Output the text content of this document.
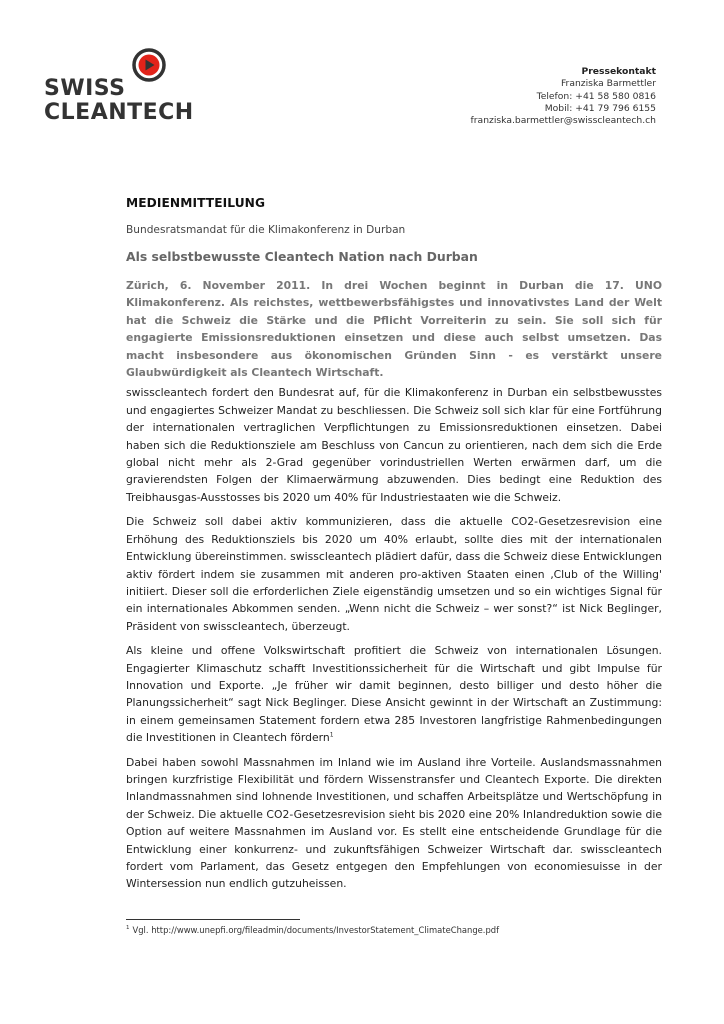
SWISS
CLEANTECH
Pressekontakt
Franziska Barmettler
Telefon: +41 58 580 0816
Mobil: +41 79 796 6155
franziska.barmettler@swisscleantech.ch
MEDIENMITTEILUNG
Bundesratsmandat für die Klimakonferenz in Durban
Als selbstbewusste Cleantech Nation nach Durban

Zürich, 6. November 2011. In drei Wochen beginnt in Durban die 17. UNO Klimakonferenz. Als reichstes, wettbewerbsfähigstes und innovativstes Land der Welt hat die Schweiz die Stärke und die Pflicht Vorreiterin zu sein. Sie soll sich für engagierte Emissionsreduktionen einsetzen und diese auch selbst umsetzen. Das macht insbesondere aus ökonomischen Gründen Sinn - es verstärkt unsere Glaubwürdigkeit als Cleantech Wirtschaft.

swisscleantech fordert den Bundesrat auf, für die Klimakonferenz in Durban ein selbstbewusstes und engagiertes Schweizer Mandat zu beschliessen. Die Schweiz soll sich klar für eine Fortführung der internationalen vertraglichen Verpflichtungen zu Emissionsreduktionen einsetzen. Dabei haben sich die Reduktionsziele am Beschluss von Cancun zu orientieren, nach dem sich die Erde global nicht mehr als 2-Grad gegenüber vorindustriellen Werten erwärmen darf, um die gravierendsten Folgen der Klimaerwärmung abzuwenden. Dies bedingt eine Reduktion des Treibhausgas-Ausstosses bis 2020 um 40% für Industriestaaten wie die Schweiz.

Die Schweiz soll dabei aktiv kommunizieren, dass die aktuelle CO2-Gesetzesrevision eine Erhöhung des Reduktionsziels bis 2020 um 40% erlaubt, sollte dies mit der internationalen Entwicklung übereinstimmen. swisscleantech plädiert dafür, dass die Schweiz diese Entwicklungen aktiv fördert indem sie zusammen mit anderen pro-aktiven Staaten einen ‚Club of the Willing' initiiert. Dieser soll die erforderlichen Ziele eigenständig umsetzen und so ein wichtiges Signal für ein internationales Abkommen senden. „Wenn nicht die Schweiz – wer sonst?“ ist Nick Beglinger, Präsident von swisscleantech, überzeugt.

Als kleine und offene Volkswirtschaft profitiert die Schweiz von internationalen Lösungen. Engagierter Klimaschutz schafft Investitionssicherheit für die Wirtschaft und gibt Impulse für Innovation und Exporte. „Je früher wir damit beginnen, desto billiger und desto höher die Planungssicherheit“ sagt Nick Beglinger. Diese Ansicht gewinnt in der Wirtschaft an Zustimmung: in einem gemeinsamen Statement fordern etwa 285 Investoren langfristige Rahmenbedingungen die Investitionen in Cleantech fördern$^1$

Dabei haben sowohl Massnahmen im Inland wie im Ausland ihre Vorteile. Auslandsmassnahmen bringen kurzfristige Flexibilität und fördern Wissenstransfer und Cleantech Exporte. Die direkten Inlandmassnahmen sind lohnende Investitionen, und schaffen Arbeitsplätze und Wertschöpfung in der Schweiz. Die aktuelle CO2-Gesetzesrevision sieht bis 2020 eine 20% Inlandreduktion sowie die Option auf weitere Massnahmen im Ausland vor. Es stellt eine entscheidende Grundlage für die Entwicklung einer konkurrenz- und zukunftsfähigen Schweizer Wirtschaft dar. swisscleantech fordert vom Parlament, das Gesetz entgegen den Empfehlungen von economiesuisse in der Wintersession nun endlich gutzuheissen.

$^1$ Vgl. http://www.unepfi.org/fileadmin/documents/InvestorStatement_ClimateChange.pdf
